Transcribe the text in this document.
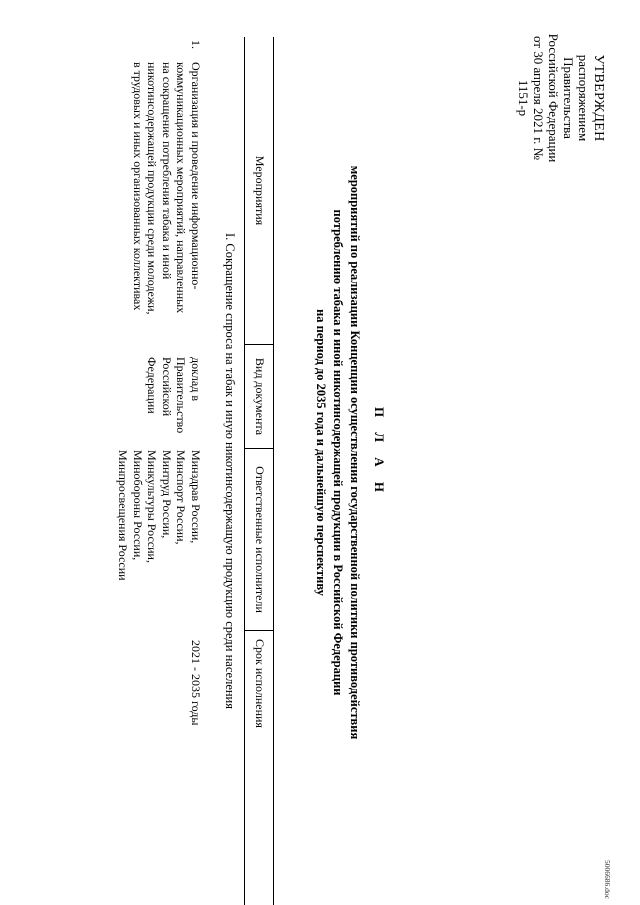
УТВЕРЖДЕН
распоряжением Правительства
Российской Федерации
от 30 апреля 2021 г. № 1151-р
П Л А Н
мероприятий по реализации Концепции осуществления государственной политики противодействия
потреблению табака и иной никотинсодержащей продукции в Российской Федерации
на период до 2035 года и дальнейшую перспективу
Мероприятия
Вид документа
Ответственные исполнители
Срок исполнения
I. Сокращение спроса на табак и иную никотинсодержащую продукцию среди населения
1.
Организация и проведение информационно-
коммуникационных мероприятий, направленных
на сокращение потребления табака и иной
никотинсодержащей продукции среди молодежи,
в трудовых и иных организованных коллективах
доклад в
Правительство
Российской
Федерации
Минздрав России,
Минспорт России,
Минтруд России,
Минкультуры России,
Минобороны России,
Минпросвещения России
2021 - 2035 годы
5006686.doc
